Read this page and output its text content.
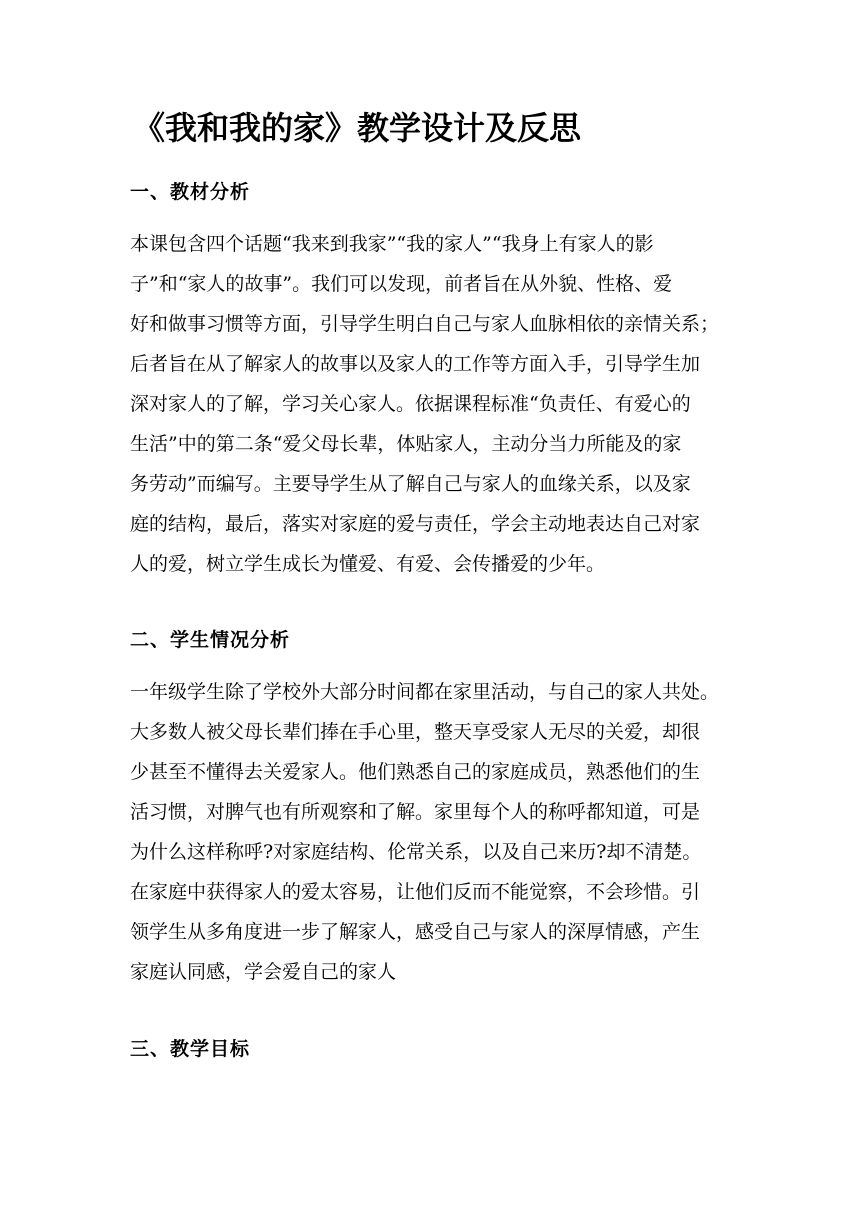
《我和我的家》教学设计及反思
一、教材分析
本课包含四个话题“我来到我家”“我的家人”“我身上有家人的影
子”和“家人的故事”。我们可以发现，前者旨在从外貌、性格、爱
好和做事习惯等方面，引导学生明白自己与家人血脉相依的亲情关系；
后者旨在从了解家人的故事以及家人的工作等方面入手，引导学生加
深对家人的了解，学习关心家人。依据课程标准“负责任、有爱心的
生活”中的第二条“爱父母长辈，体贴家人，主动分当力所能及的家
务劳动”而编写。主要导学生从了解自己与家人的血缘关系，以及家
庭的结构，最后，落实对家庭的爱与责任，学会主动地表达自己对家
人的爱，树立学生成长为懂爱、有爱、会传播爱的少年。
二、学生情况分析
一年级学生除了学校外大部分时间都在家里活动，与自己的家人共处。
大多数人被父母长辈们捧在手心里，整天享受家人无尽的关爱，却很
少甚至不懂得去关爱家人。他们熟悉自己的家庭成员，熟悉他们的生
活习惯，对脾气也有所观察和了解。家里每个人的称呼都知道，可是
为什么这样称呼?对家庭结构、伦常关系，以及自己来历?却不清楚。
在家庭中获得家人的爱太容易，让他们反而不能觉察，不会珍惜。引
领学生从多角度进一步了解家人，感受自己与家人的深厚情感，产生
家庭认同感，学会爱自己的家人
三、教学目标
